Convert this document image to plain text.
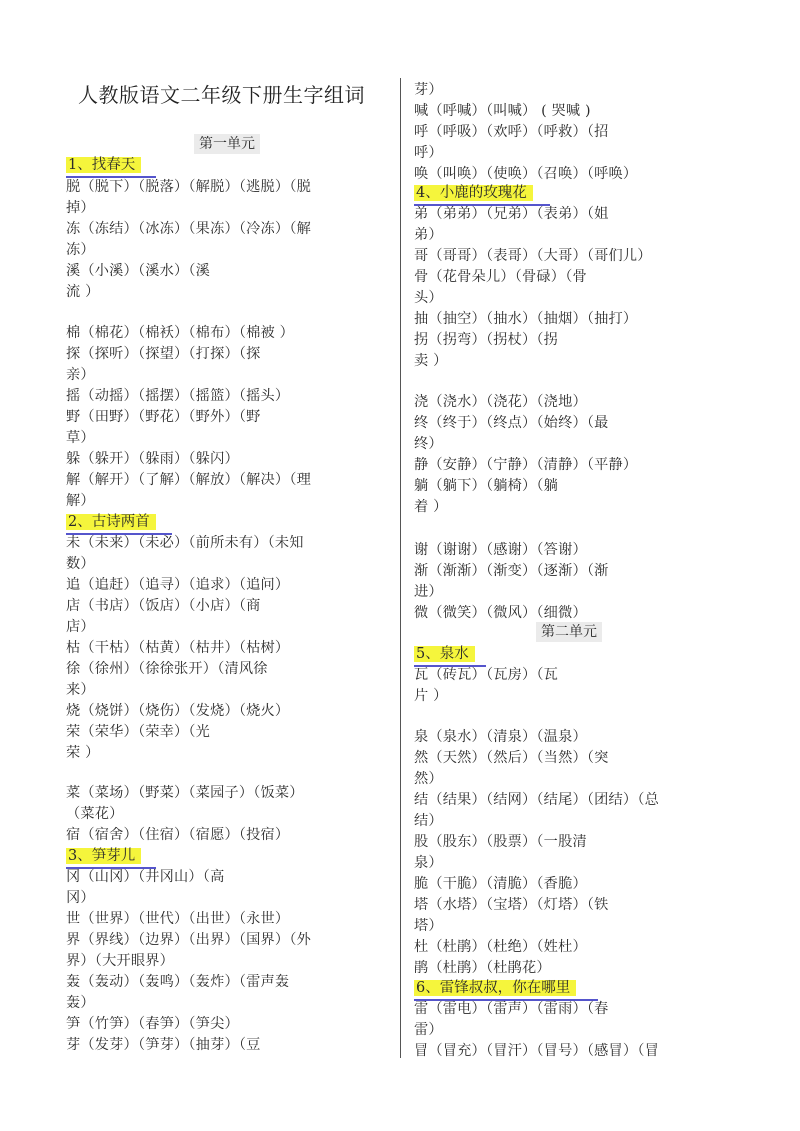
人教版语文二年级下册生字组词
第一单元
1、找春天
脱（脱下）（脱落）（解脱）（逃脱）（脱
掉）
冻（冻结）（冰冻）（果冻）（冷冻）（解
冻）
溪（小溪）（溪水）（溪
流 ）
棉（棉花）（棉袄）（棉布）（棉被 ）
探（探听）（探望）（打探）（探
亲）
摇（动摇）（摇摆）（摇篮）（摇头）
野（田野）（野花）（野外）（野
草）
躲（躲开）（躲雨）（躲闪）
解（解开）（了解）（解放）（解决）（理
解）
2、古诗两首
未（未来）（未必）（前所未有）（未知
数）
追（追赶）（追寻）（追求）（追问）
店（书店）（饭店）（小店）（商
店）
枯（干枯）（枯黄）（枯井）（枯树）
徐（徐州）（徐徐张开）（清风徐
来）
烧（烧饼）（烧伤）（发烧）（烧火）
荣（荣华）（荣幸）（光
荣 ）
菜（菜场）（野菜）（菜园子）（饭菜）
（菜花）
宿（宿舍）（住宿）（宿愿）（投宿）
3、笋芽儿
冈（山冈）（井冈山）（高
冈）
世（世界）（世代）（出世）（永世）
界（界线）（边界）（出界）（国界）（外
界）（大开眼界）
轰（轰动）（轰鸣）（轰炸）（雷声轰
轰）
笋（竹笋）（春笋）（笋尖）
芽（发芽）（笋芽）（抽芽）（豆
芽）
喊（呼喊）（叫喊） ( 哭喊 )
呼（呼吸）（欢呼）（呼救）（招
呼）
唤（叫唤）（使唤）（召唤）（呼唤）
4、小鹿的玫瑰花
弟（弟弟）（兄弟）（表弟）（姐
弟）
哥（哥哥）（表哥）（大哥）（哥们儿）
骨（花骨朵儿）（骨碌）（骨
头）
抽（抽空）（抽水）（抽烟）（抽打）
拐（拐弯）（拐杖）（拐
卖 ）
浇（浇水）（浇花）（浇地）
终（终于）（终点）（始终）（最
终）
静（安静）（宁静）（清静）（平静）
躺（躺下）（躺椅）（躺
着 ）
谢（谢谢）（感谢）（答谢）
渐（渐渐）（渐变）（逐渐）（渐
进）
微（微笑）（微风）（细微）
第二单元
5、泉水
瓦（砖瓦）（瓦房）（瓦
片 ）
泉（泉水）（清泉）（温泉）
然（天然）（然后）（当然）（突
然）
结（结果）（结网）（结尾）（团结）（总
结）
股（股东）（股票）（一股清
泉）
脆（干脆）（清脆）（香脆）
塔（水塔）（宝塔）（灯塔）（铁
塔）
杜（杜鹃）（杜绝）（姓杜）
鹃（杜鹃）（杜鹃花）
6、雷锋叔叔，你在哪里
雷（雷电）（雷声）（雷雨）（春
雷）
冒（冒充）（冒汗）（冒号）（感冒）（冒
